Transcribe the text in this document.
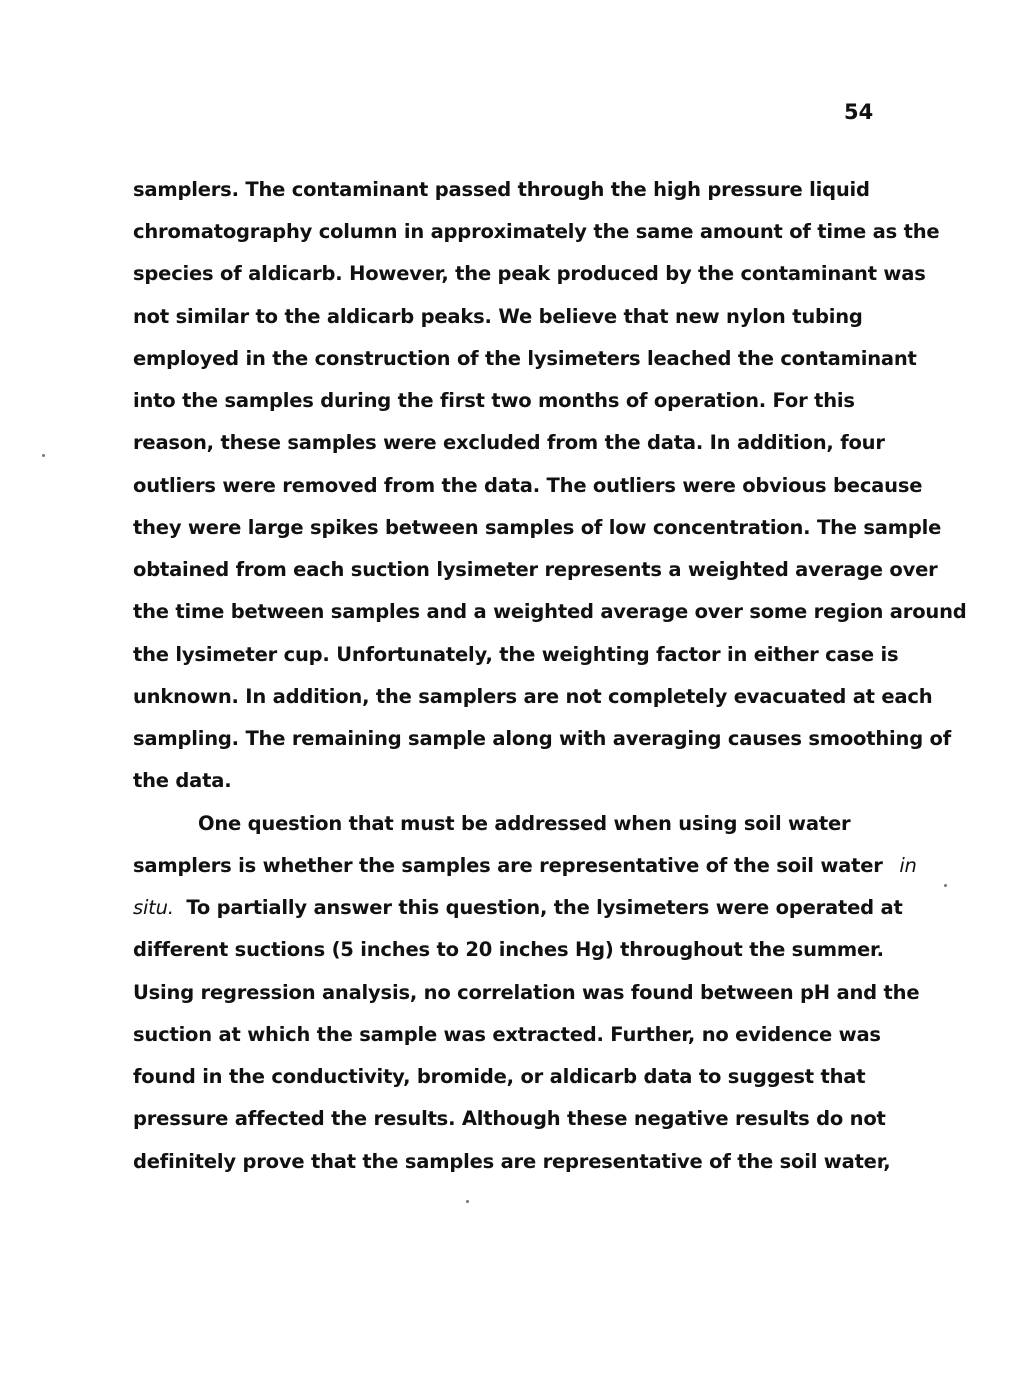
54
samplers. The contaminant passed through the high pressure liquid
chromatography column in approximately the same amount of time as the
species of aldicarb. However, the peak produced by the contaminant was
not similar to the aldicarb peaks. We believe that new nylon tubing
employed in the construction of the lysimeters leached the contaminant
into the samples during the first two months of operation. For this
reason, these samples were excluded from the data. In addition, four
outliers were removed from the data. The outliers were obvious because
they were large spikes between samples of low concentration. The sample
obtained from each suction lysimeter represents a weighted average over
the time between samples and a weighted average over some region around
the lysimeter cup. Unfortunately, the weighting factor in either case is
unknown. In addition, the samplers are not completely evacuated at each
sampling. The remaining sample along with averaging causes smoothing of
the data.
One question that must be addressed when using soil water
samplers is whether the samples are representative of the soil water in
situ. To partially answer this question, the lysimeters were operated at
different suctions (5 inches to 20 inches Hg) throughout the summer.
Using regression analysis, no correlation was found between pH and the
suction at which the sample was extracted. Further, no evidence was
found in the conductivity, bromide, or aldicarb data to suggest that
pressure affected the results. Although these negative results do not
definitely prove that the samples are representative of the soil water,
